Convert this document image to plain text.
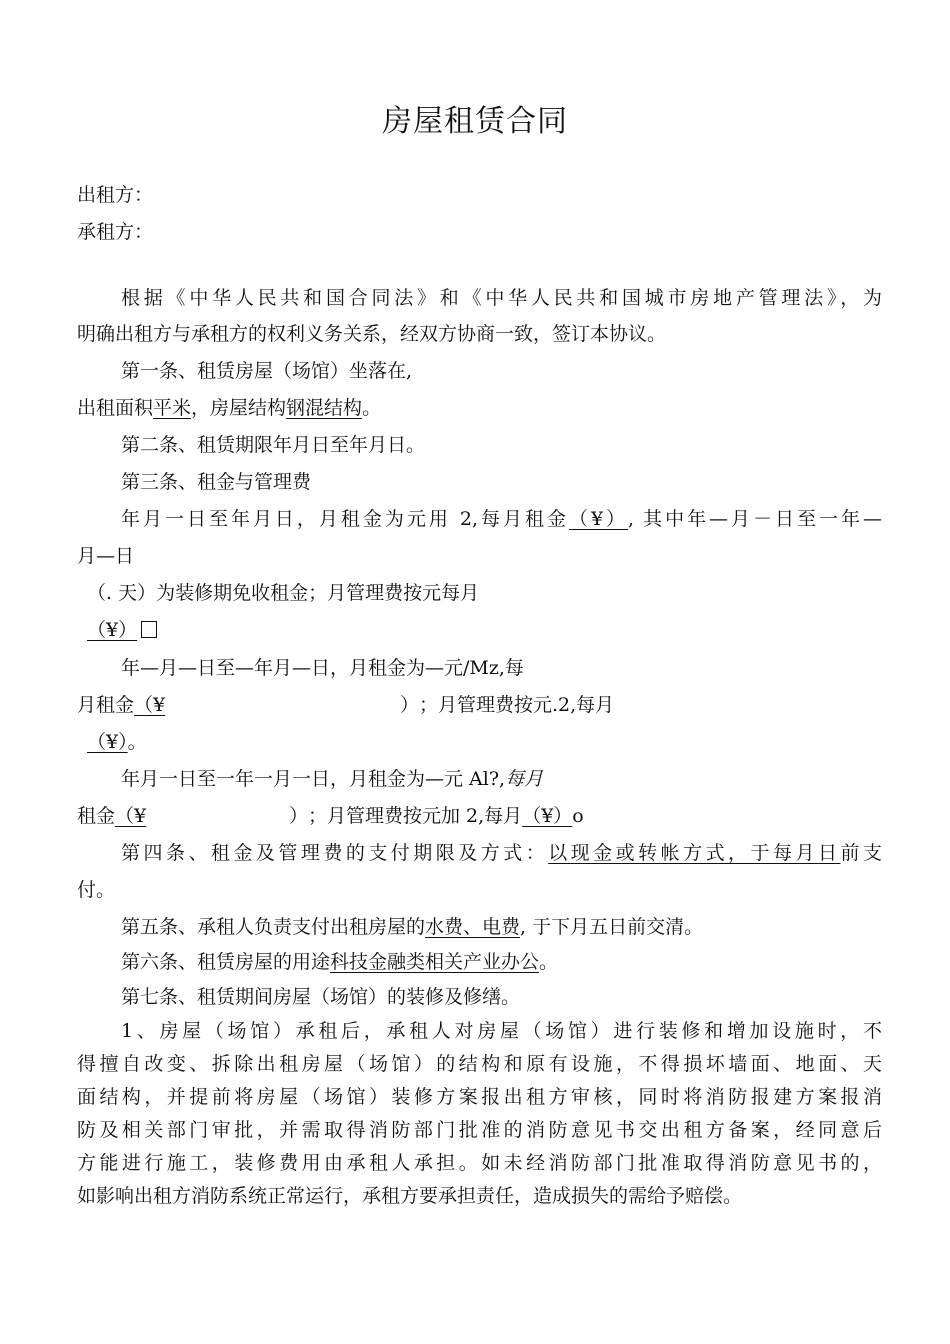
房屋租赁合同
出租方：
承租方：
根据《中华人民共和国合同法》和《中华人民共和国城市房地产管理法》，为
明确出租方与承租方的权利义务关系，经双方协商一致，签订本协议。
第一条、租赁房屋（场馆）坐落在,
出租面积平米，房屋结构钢混结构。
第二条、租赁期限年月日至年月日。
第三条、租金与管理费
年月一日至年月日，月租金为元用 2,每月租金（¥）, 其中年—月－日至一年—
月—日
（. 天）为装修期免收租金；月管理费按元每月
（¥）
年—月—日至—年月—日，月租金为—元/Mz,每
月租金（¥	） ；月管理费按元.2,每月
（¥）。
年月一日至一年一月一日，月租金为—元 Al?,每月
租金（¥	） ；月管理费按元加 2,每月（¥）o
第四条、租金及管理费的支付期限及方式：以现金或转帐方式，于每月日前支
付。
第五条、承租人负责支付出租房屋的水费、电费, 于下月五日前交清。
第六条、租赁房屋的用途科技金融类相关产业办公。
第七条、租赁期间房屋（场馆）的装修及修缮。
1、房屋（场馆）承租后，承租人对房屋（场馆）进行装修和增加设施时，不
得擅自改变、拆除出租房屋（场馆）的结构和原有设施，不得损坏墙面、地面、天
面结构，并提前将房屋（场馆）装修方案报出租方审核，同时将消防报建方案报消
防及相关部门审批，并需取得消防部门批准的消防意见书交出租方备案，经同意后
方能进行施工，装修费用由承租人承担。如未经消防部门批准取得消防意见书的，
如影响出租方消防系统正常运行，承租方要承担责任，造成损失的需给予赔偿。
